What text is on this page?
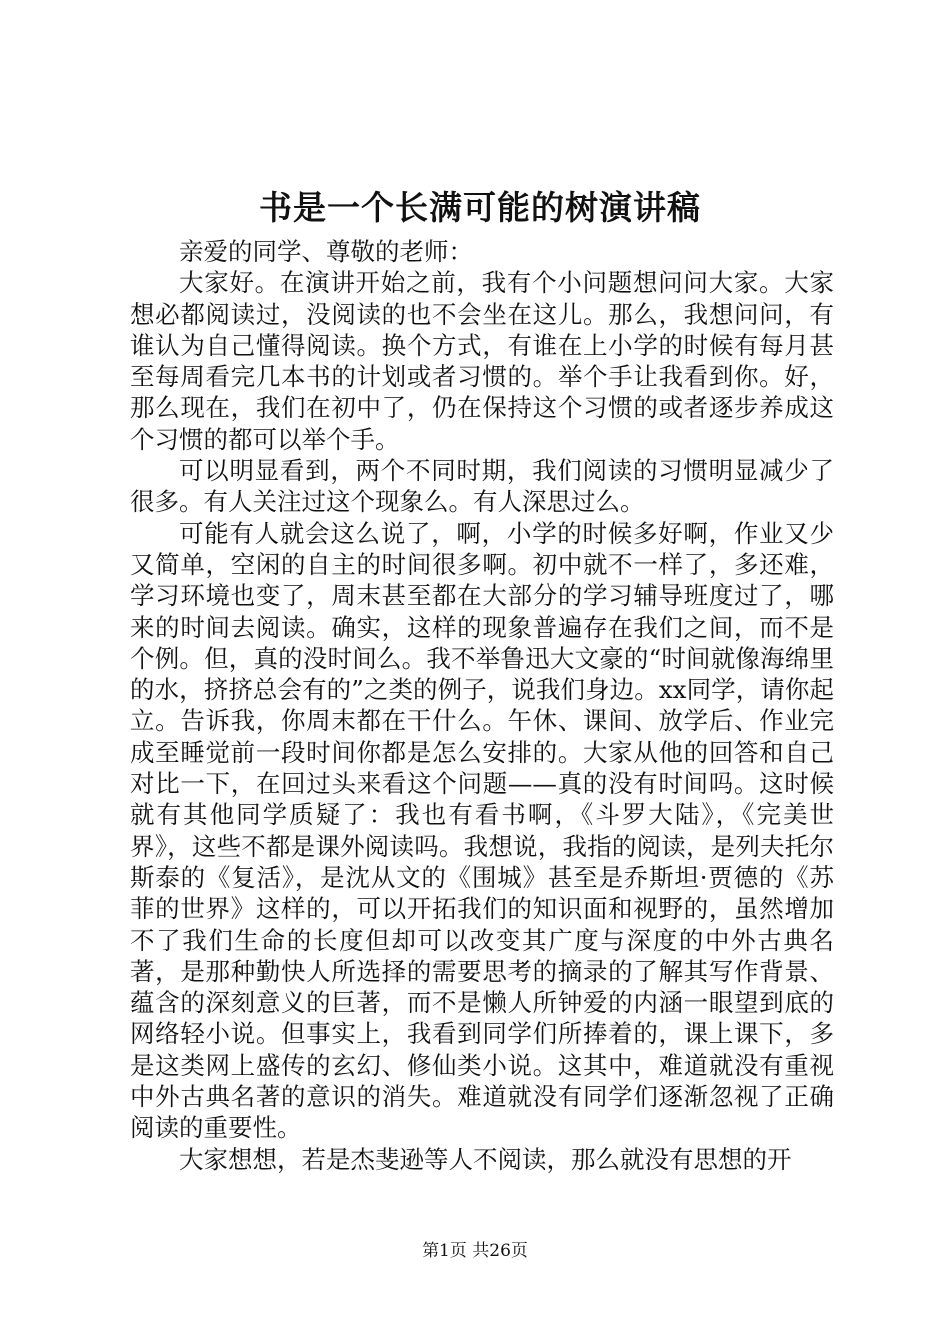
书是一个长满可能的树演讲稿

亲爱的同学、尊敬的老师：

大家好。在演讲开始之前，我有个小问题想问问大家。大家想必都阅读过，没阅读的也不会坐在这儿。那么，我想问问，有谁认为自己懂得阅读。换个方式，有谁在上小学的时候有每月甚至每周看完几本书的计划或者习惯的。举个手让我看到你。好，那么现在，我们在初中了，仍在保持这个习惯的或者逐步养成这个习惯的都可以举个手。

可以明显看到，两个不同时期，我们阅读的习惯明显减少了很多。有人关注过这个现象么。有人深思过么。

可能有人就会这么说了，啊，小学的时候多好啊，作业又少又简单，空闲的自主的时间很多啊。初中就不一样了，多还难，学习环境也变了，周末甚至都在大部分的学习辅导班度过了，哪来的时间去阅读。确实，这样的现象普遍存在我们之间，而不是个例。但，真的没时间么。我不举鲁迅大文豪的“时间就像海绵里的水，挤挤总会有的”之类的例子，说我们身边。xx同学，请你起立。告诉我，你周末都在干什么。午休、课间、放学后、作业完成至睡觉前一段时间你都是怎么安排的。大家从他的回答和自己对比一下，在回过头来看这个问题——真的没有时间吗。这时候就有其他同学质疑了：我也有看书啊，《斗罗大陆》，《完美世界》，这些不都是课外阅读吗。我想说，我指的阅读，是列夫托尔斯泰的《复活》，是沈从文的《围城》甚至是乔斯坦·贾德的《苏菲的世界》这样的，可以开拓我们的知识面和视野的，虽然增加不了我们生命的长度但却可以改变其广度与深度的中外古典名著，是那种勤快人所选择的需要思考的摘录的了解其写作背景、蕴含的深刻意义的巨著，而不是懒人所钟爱的内涵一眼望到底的网络轻小说。但事实上，我看到同学们所捧着的，课上课下，多是这类网上盛传的玄幻、修仙类小说。这其中，难道就没有重视中外古典名著的意识的消失。难道就没有同学们逐渐忽视了正确阅读的重要性。

大家想想，若是杰斐逊等人不阅读，那么就没有思想的开

第1页 共26页
